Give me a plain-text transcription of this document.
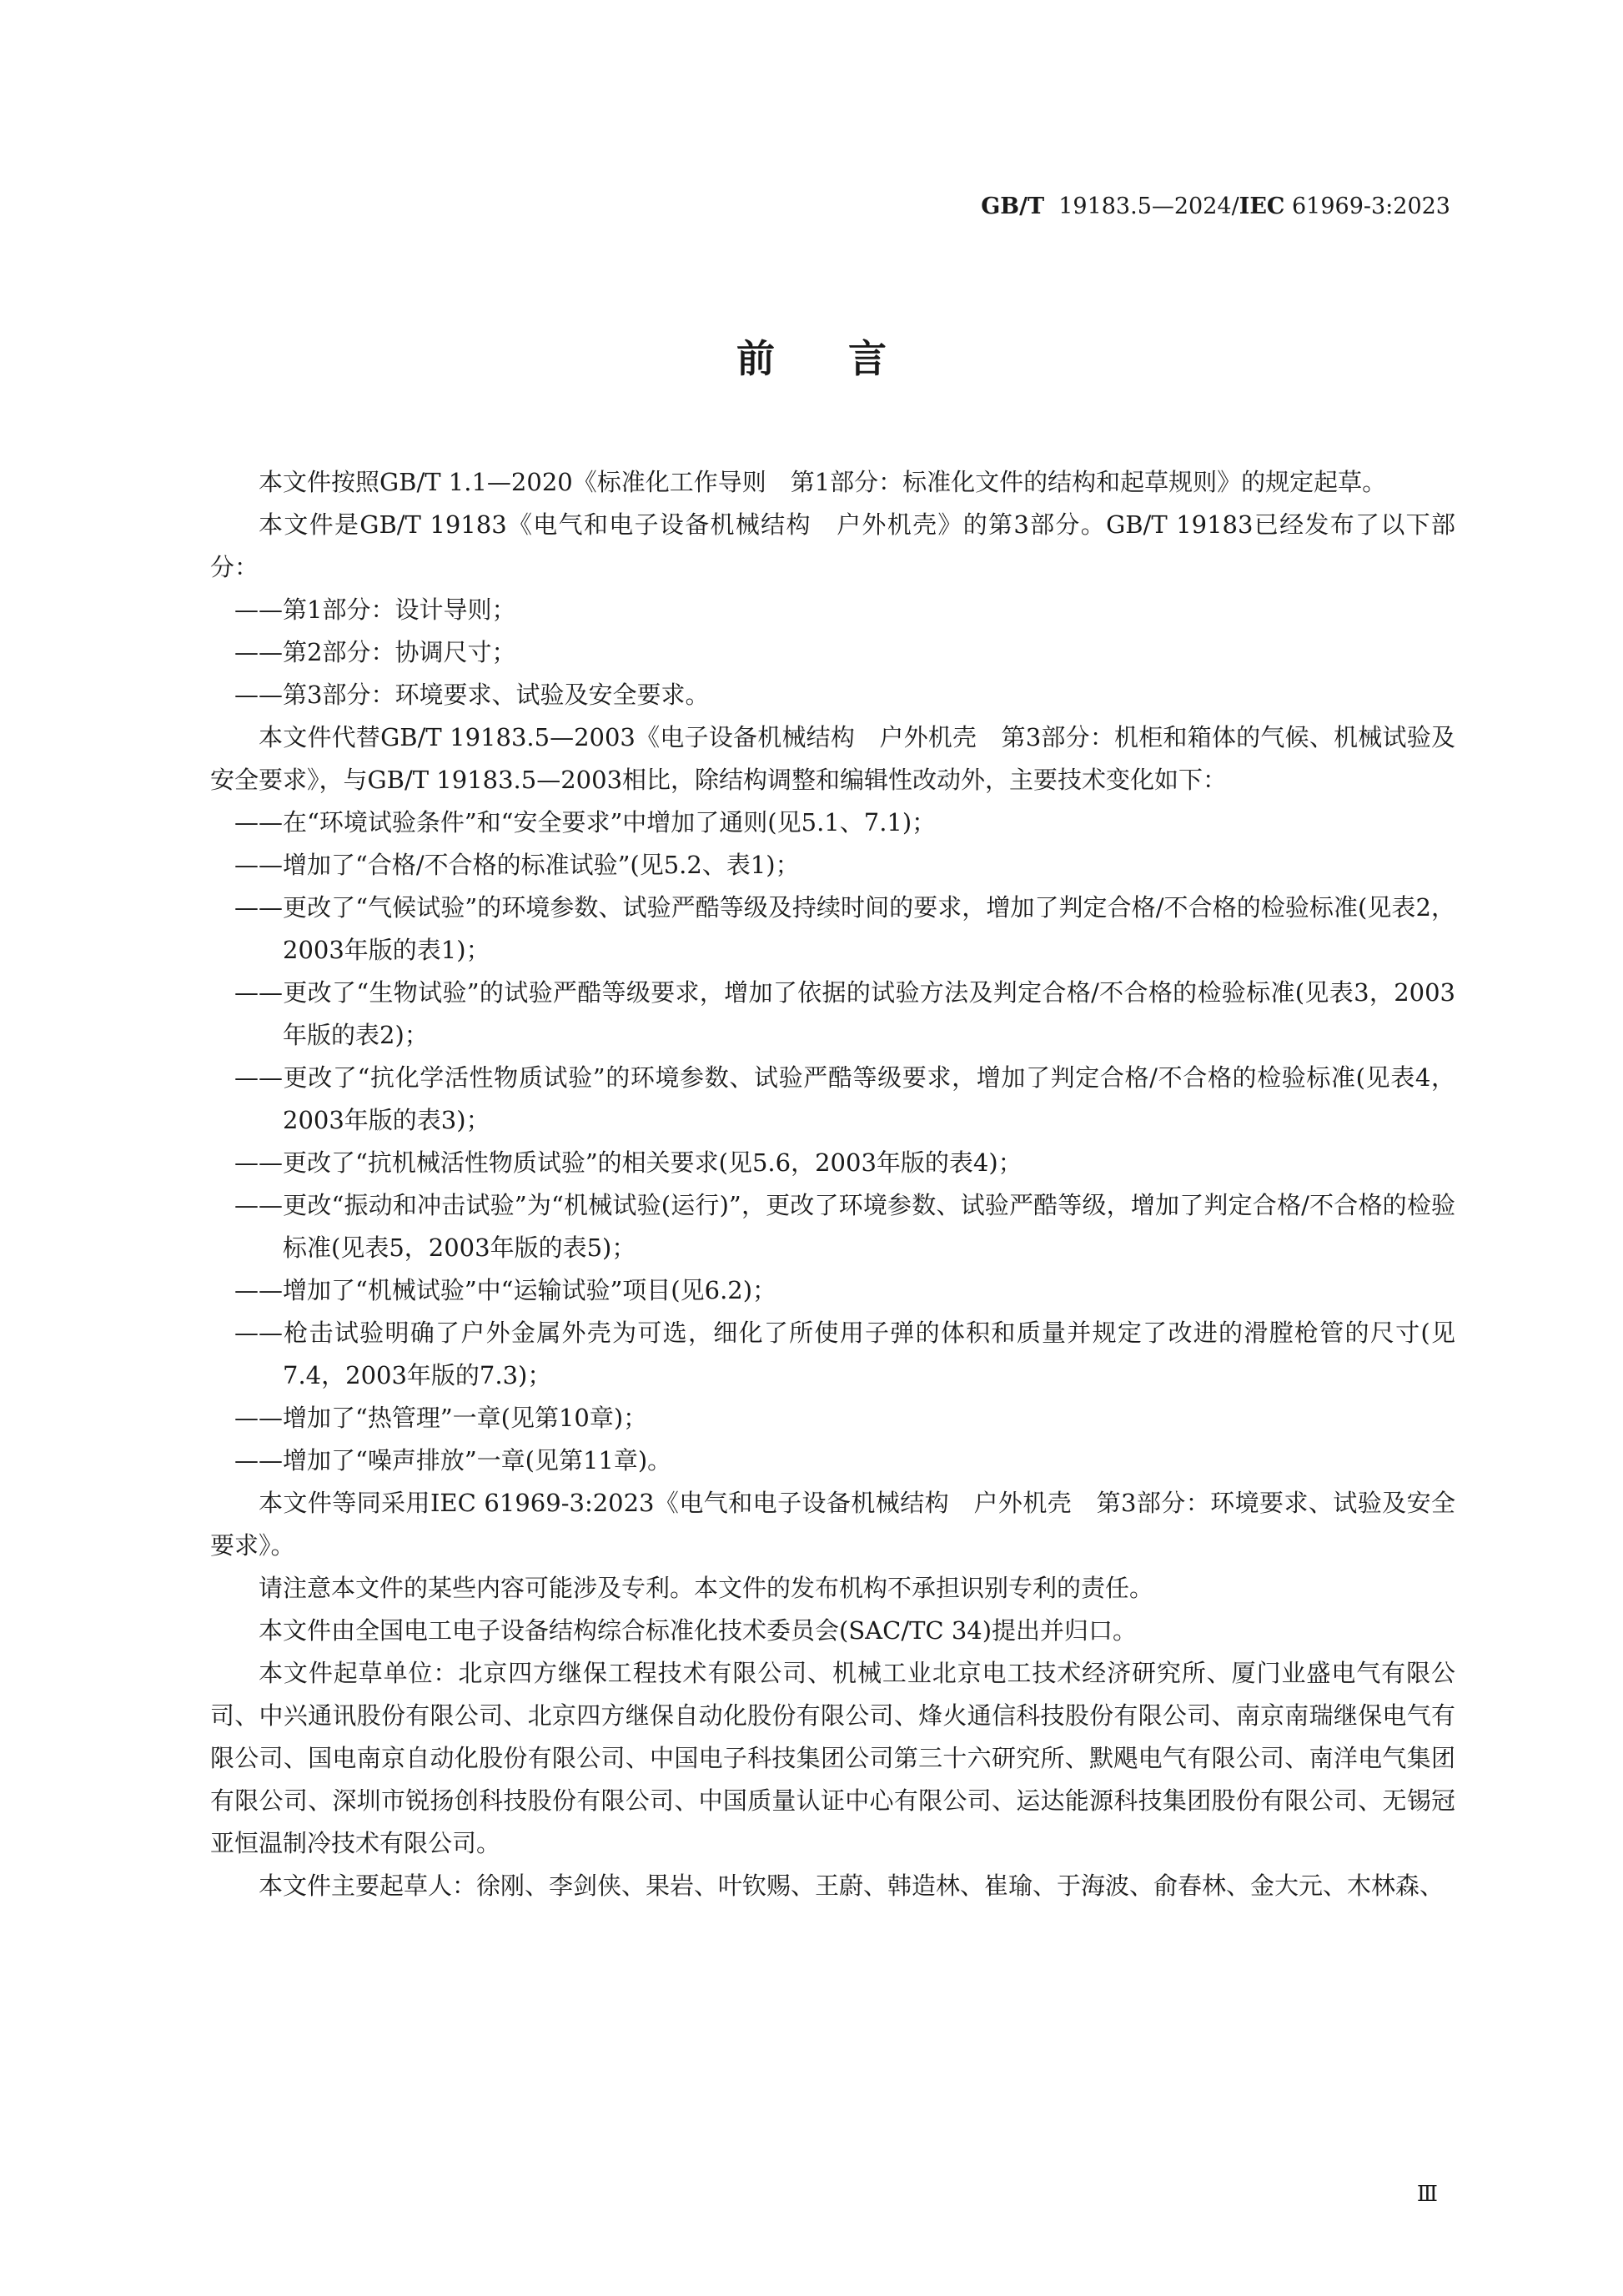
GB/T 19183.5—2024/IEC 61969-3:2023
前言

本文件按照GB/T 1.1—2020《标准化工作导则　第1部分：标准化文件的结构和起草规则》的规定起草。

本文件是GB/T 19183《电气和电子设备机械结构　户外机壳》的第3部分。GB/T 19183已经发布了以下部分：

——第1部分：设计导则；

——第2部分：协调尺寸；

——第3部分：环境要求、试验及安全要求。

本文件代替GB/T 19183.5—2003《电子设备机械结构　户外机壳　第3部分：机柜和箱体的气候、机械试验及安全要求》，与GB/T 19183.5—2003相比，除结构调整和编辑性改动外，主要技术变化如下：

——在“环境试验条件”和“安全要求”中增加了通则(见5.1、7.1)；

——增加了“合格/不合格的标准试验”(见5.2、表1)；

——更改了“气候试验”的环境参数、试验严酷等级及持续时间的要求，增加了判定合格/不合格的检验标准(见表2，2003年版的表1)；

——更改了“生物试验”的试验严酷等级要求，增加了依据的试验方法及判定合格/不合格的检验标准(见表3，2003年版的表2)；

——更改了“抗化学活性物质试验”的环境参数、试验严酷等级要求，增加了判定合格/不合格的检验标准(见表4，2003年版的表3)；

——更改了“抗机械活性物质试验”的相关要求(见5.6，2003年版的表4)；

——更改“振动和冲击试验”为“机械试验(运行)”，更改了环境参数、试验严酷等级，增加了判定合格/不合格的检验标准(见表5，2003年版的表5)；

——增加了“机械试验”中“运输试验”项目(见6.2)；

——枪击试验明确了户外金属外壳为可选，细化了所使用子弹的体积和质量并规定了改进的滑膛枪管的尺寸(见7.4，2003年版的7.3)；

——增加了“热管理”一章(见第10章)；

——增加了“噪声排放”一章(见第11章)。

本文件等同采用IEC 61969-3:2023《电气和电子设备机械结构　户外机壳　第3部分：环境要求、试验及安全要求》。

请注意本文件的某些内容可能涉及专利。本文件的发布机构不承担识别专利的责任。

本文件由全国电工电子设备结构综合标准化技术委员会(SAC/TC 34)提出并归口。

本文件起草单位：北京四方继保工程技术有限公司、机械工业北京电工技术经济研究所、厦门业盛电气有限公司、中兴通讯股份有限公司、北京四方继保自动化股份有限公司、烽火通信科技股份有限公司、南京南瑞继保电气有限公司、国电南京自动化股份有限公司、中国电子科技集团公司第三十六研究所、默飓电气有限公司、南洋电气集团有限公司、深圳市锐扬创科技股份有限公司、中国质量认证中心有限公司、运达能源科技集团股份有限公司、无锡冠亚恒温制冷技术有限公司。

本文件主要起草人：徐刚、李剑侠、果岩、叶钦赐、王蔚、韩造林、崔瑜、于海波、俞春林、金大元、木林森、

Ⅲ
